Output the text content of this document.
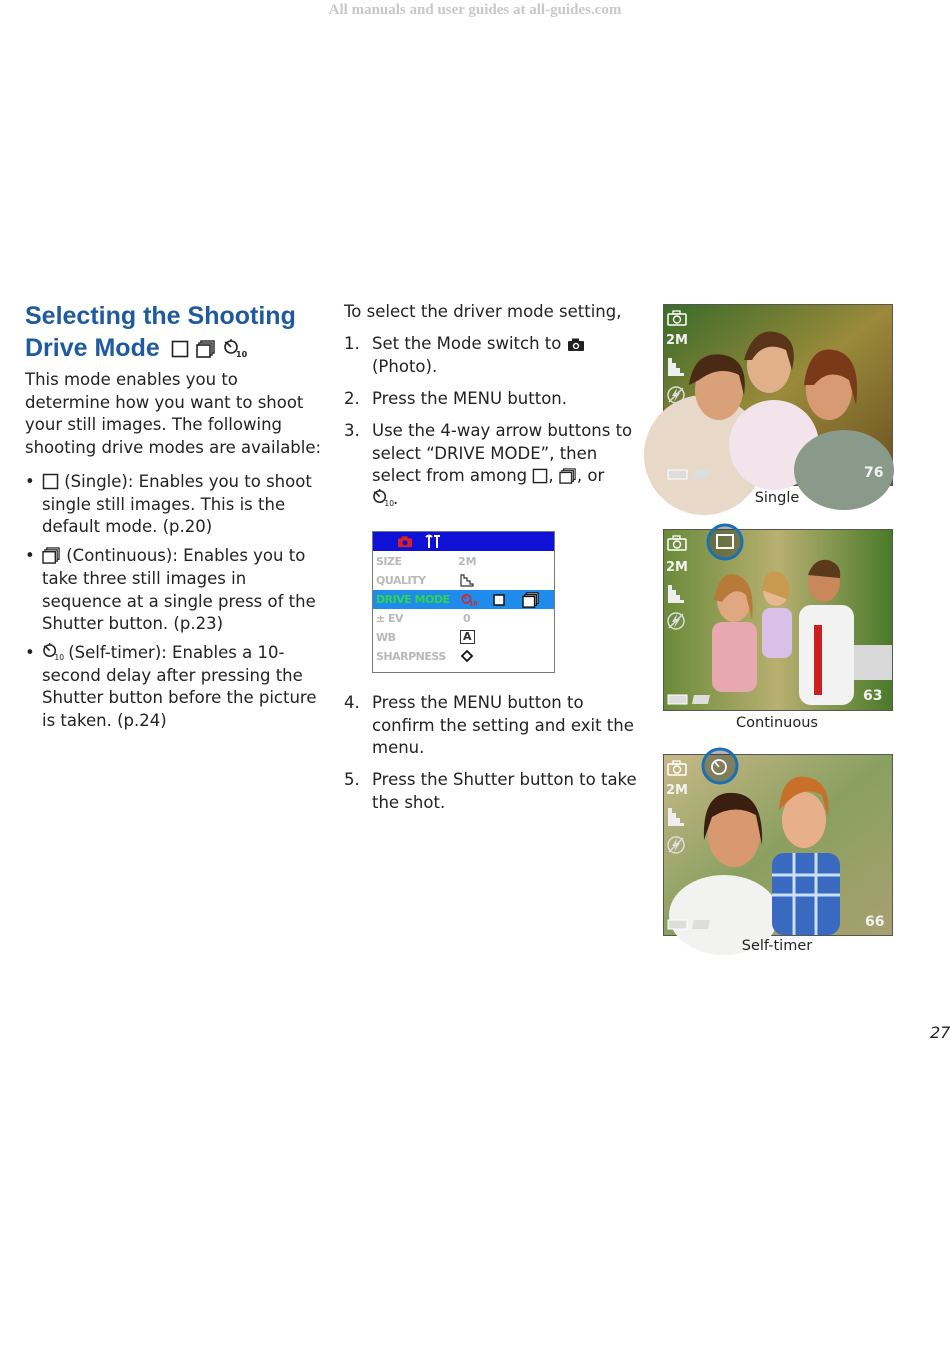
All manuals and user guides at all-guides.com
Selecting the Shooting
Drive Mode	10
This mode enables you to determine how you want to shoot your still images. The following shooting drive modes are available:
• (Single): Enables you to shoot single still images. This is the default mode. (p.20)
• (Continuous): Enables you to take three still images in sequence at a single press of the Shutter button. (p.23)
• 10 (Self-timer): Enables a 10-second delay after pressing the Shutter button before the picture is taken. (p.24)
To select the driver mode setting,
1. Set the Mode switch to
(Photo).
2. Press the MENU button.
3. Use the 4-way arrow buttons to select “DRIVE MODE”, then select from among , , or

10
.
SIZE	2M
QUALITY
DRIVE MODE 10
± EV	0
WB	A
SHARPNESS
4. Press the MENU button to confirm the setting and exit the menu.
5. Press the Shutter button to take the shot.
2M
76
Single
2M
63
Continuous
2M
66
Self-timer
27
